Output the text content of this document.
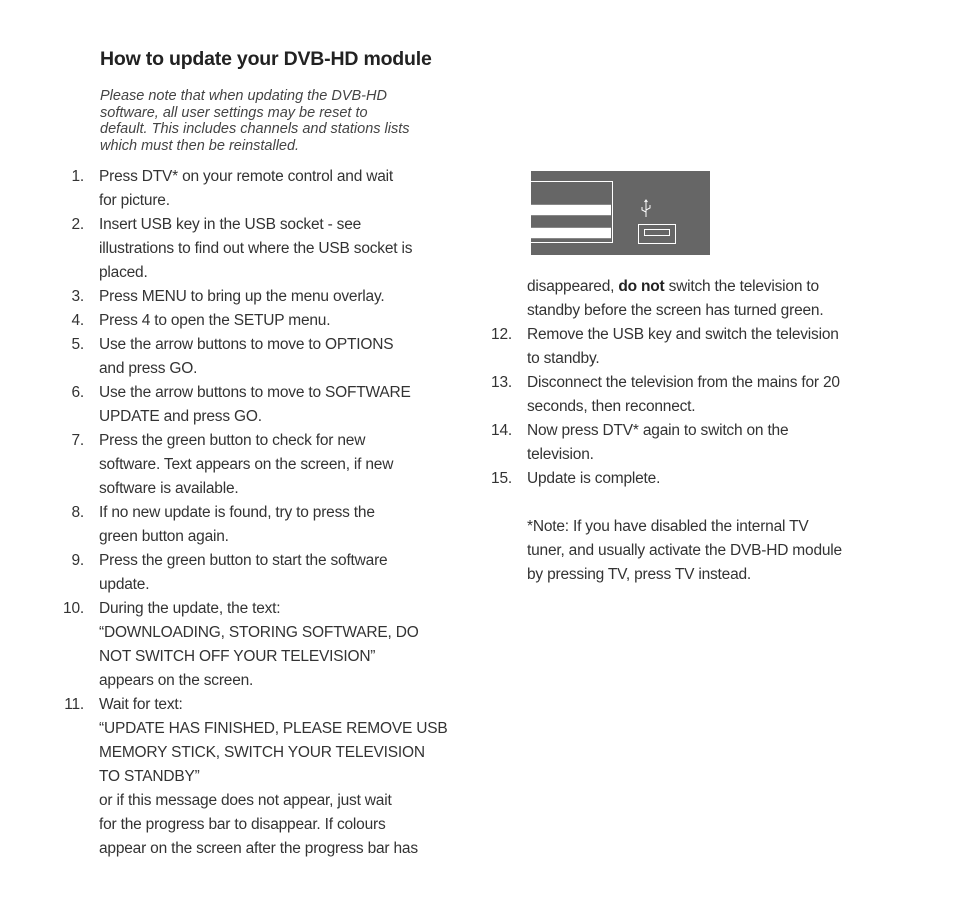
How to update your DVB-HD module
Please note that when updating the DVB-HD
software, all user settings may be reset to
default. This includes channels and stations lists
which must then be reinstalled.
1. Press DTV* on your remote control and wait
for picture.
2. Insert USB key in the USB socket - see
illustrations to find out where the USB socket is
placed.
3. Press MENU to bring up the menu overlay.
4. Press 4 to open the SETUP menu.
5. Use the arrow buttons to move to OPTIONS
and press GO.
6. Use the arrow buttons to move to SOFTWARE
UPDATE and press GO.
7. Press the green button to check for new
software. Text appears on the screen, if new
software is available.
8. If no new update is found, try to press the
green button again.
9. Press the green button to start the software
update.
10. During the update, the text:
“DOWNLOADING, STORING SOFTWARE, DO
NOT SWITCH OFF YOUR TELEVISION”
appears on the screen.
11. Wait for text:
“UPDATE HAS FINISHED, PLEASE REMOVE USB
MEMORY STICK, SWITCH YOUR TELEVISION
TO STANDBY”
or if this message does not appear, just wait
for the progress bar to disappear. If colours
appear on the screen after the progress bar has
disappeared, do not switch the television to
standby before the screen has turned green.
12. Remove the USB key and switch the television
to standby.
13. Disconnect the television from the mains for 20
seconds, then reconnect.
14. Now press DTV* again to switch on the
television.
15. Update is complete.
*Note: If you have disabled the internal TV
tuner, and usually activate the DVB-HD module
by pressing TV, press TV instead.
